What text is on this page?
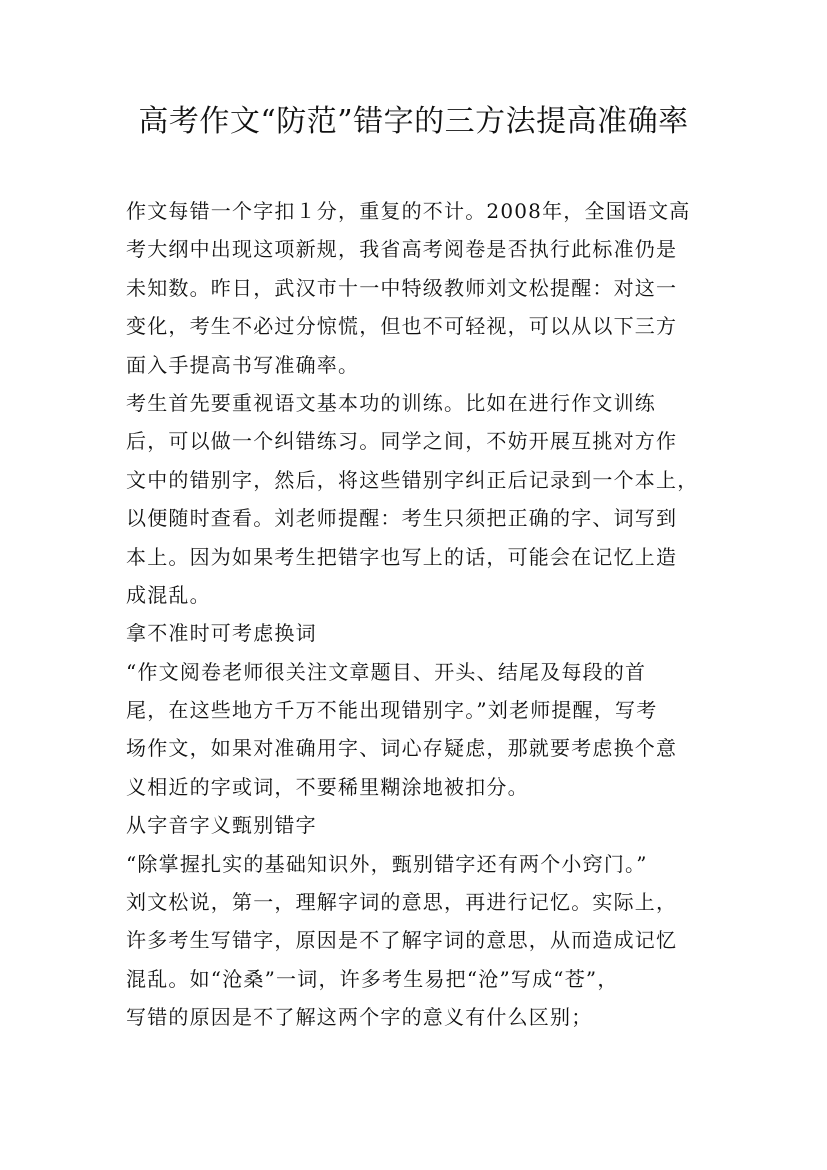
高考作文“防范”错字的三方法提高准确率
作文每错一个字扣１分，重复的不计。2008年，全国语文高
考大纲中出现这项新规，我省高考阅卷是否执行此标准仍是
未知数。昨日，武汉市十一中特级教师刘文松提醒：对这一
变化，考生不必过分惊慌，但也不可轻视，可以从以下三方
面入手提高书写准确率。
考生首先要重视语文基本功的训练。比如在进行作文训练
后，可以做一个纠错练习。同学之间，不妨开展互挑对方作
文中的错别字，然后，将这些错别字纠正后记录到一个本上，
以便随时查看。刘老师提醒：考生只须把正确的字、词写到
本上。因为如果考生把错字也写上的话，可能会在记忆上造
成混乱。
拿不准时可考虑换词
“作文阅卷老师很关注文章题目、开头、结尾及每段的首
尾，在这些地方千万不能出现错别字。”刘老师提醒，写考
场作文，如果对准确用字、词心存疑虑，那就要考虑换个意
义相近的字或词，不要稀里糊涂地被扣分。
从字音字义甄别错字
“除掌握扎实的基础知识外，甄别错字还有两个小窍门。”
刘文松说，第一，理解字词的意思，再进行记忆。实际上，
许多考生写错字，原因是不了解字词的意思，从而造成记忆
混乱。如“沧桑”一词，许多考生易把“沧”写成“苍”，
写错的原因是不了解这两个字的意义有什么区别；
